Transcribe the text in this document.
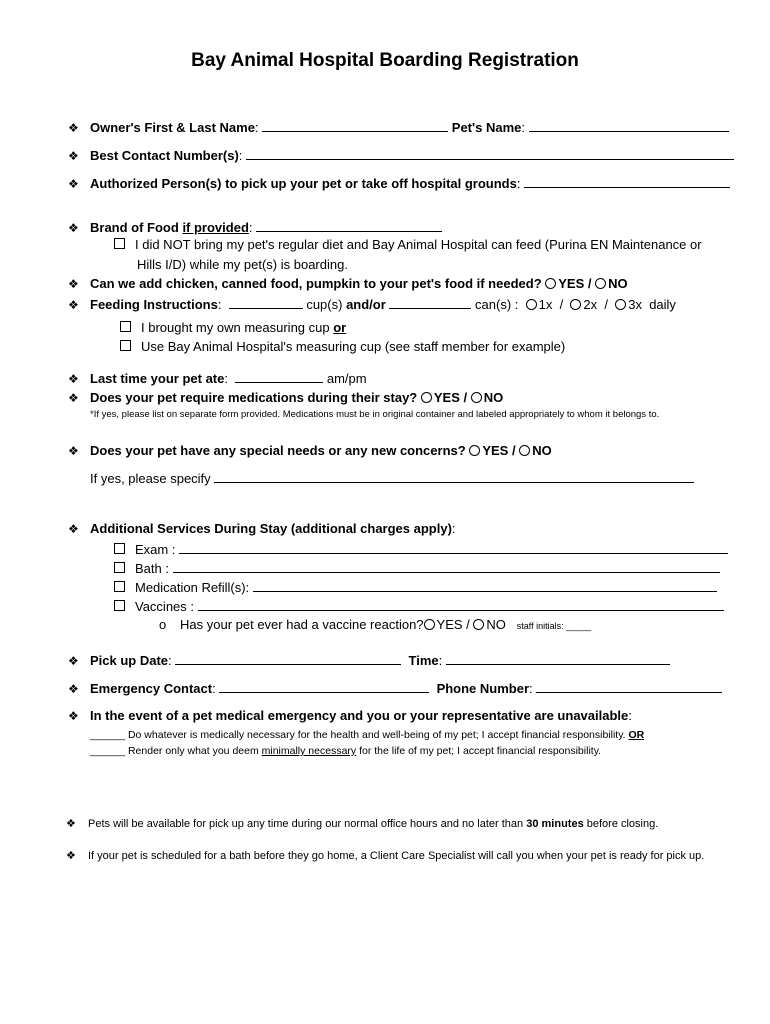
Bay Animal Hospital Boarding Registration
❖ Owner's First & Last Name:	Pet's Name:
❖ Best Contact Number(s):
❖ Authorized Person(s) to pick up your pet or take off hospital grounds:
❖ Brand of Food if provided:
I did NOT bring my pet's regular diet and Bay Animal Hospital can feed (Purina EN Maintenance or
Hills I/D) while my pet(s) is boarding.
❖ Can we add chicken, canned food, pumpkin to your pet's food if needed? YES / NO
❖ Feeding Instructions:	cup(s) and/or	can(s) : 1x  /  2x  /  3x daily
I brought my own measuring cup or
Use Bay Animal Hospital's measuring cup (see staff member for example)
❖ Last time your pet ate:	am/pm
❖ Does your pet require medications during their stay? YES / NO
*If yes, please list on separate form provided. Medications must be in original container and labeled appropriately to whom it belongs to.
❖ Does your pet have any special needs or any new concerns? YES / NO
If yes, please specify
❖ Additional Services During Stay (additional charges apply):
Exam :
Bath :
Medication Refill(s):
Vaccines :
o Has your pet ever had a vaccine reaction? YES / NO staff initials: _____
❖ Pick up Date:	Time:
❖ Emergency Contact:	Phone Number:
❖ In the event of a pet medical emergency and you or your representative are unavailable:
______ Do whatever is medically necessary for the health and well-being of my pet; I accept financial responsibility. OR
______ Render only what you deem minimally necessary for the life of my pet; I accept financial responsibility.
❖ Pets will be available for pick up any time during our normal office hours and no later than 30 minutes before closing.
❖ If your pet is scheduled for a bath before they go home, a Client Care Specialist will call you when your pet is ready for pick up.
